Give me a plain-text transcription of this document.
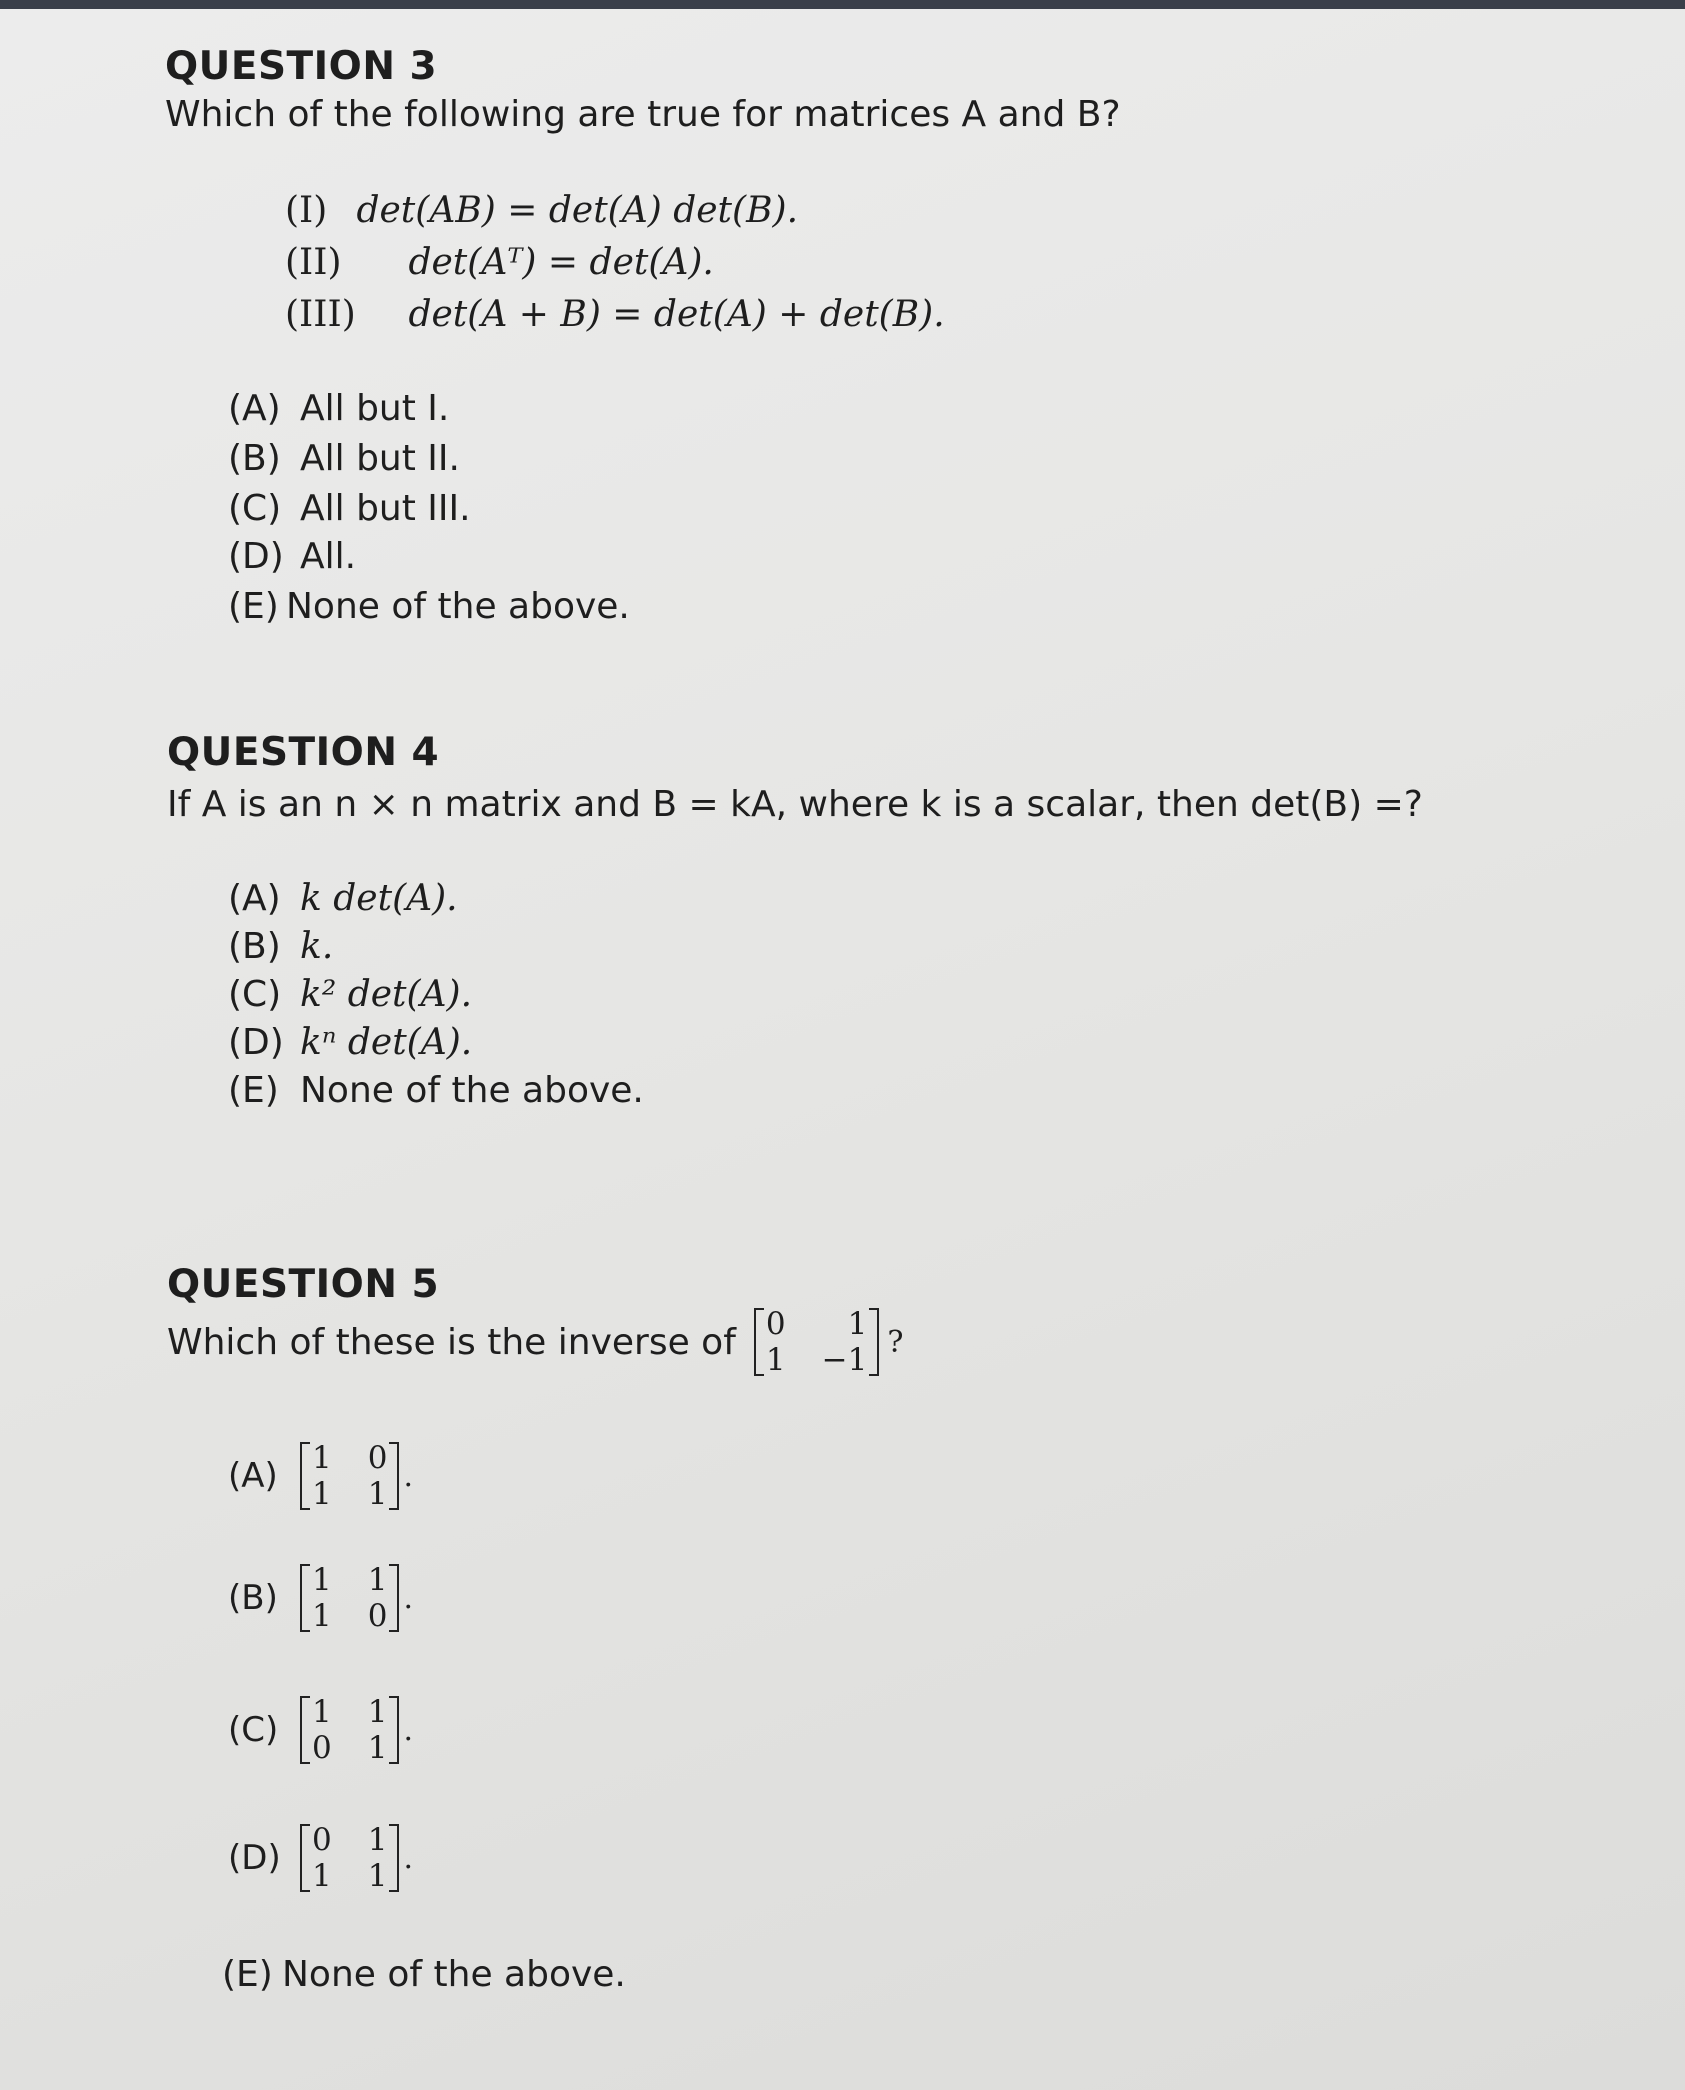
QUESTION 3
Which of the following are true for matrices A and B?
(I) det(AB) = det(A) det(B).
(II) det(Aᵀ) = det(A).
(III) det(A + B) = det(A) + det(B).
(A) All but I.
(B) All but II.
(C) All but III.
(D) All.
(E) None of the above.
QUESTION 4
If A is an n × n matrix and B = kA, where k is a scalar, then det(B) =?
(A) k det(A).
(B) k.
(C) k² det(A).
(D) kⁿ det(A).
(E) None of the above.
QUESTION 5
Which of these is the inverse of 0	1
1 −1 ?
(A)	1 0
1 1 .
(B)	1 1
1 0 .
(C)	1 1
0 1 .
(D)	0 1
1 1 .
(E) None of the above.
